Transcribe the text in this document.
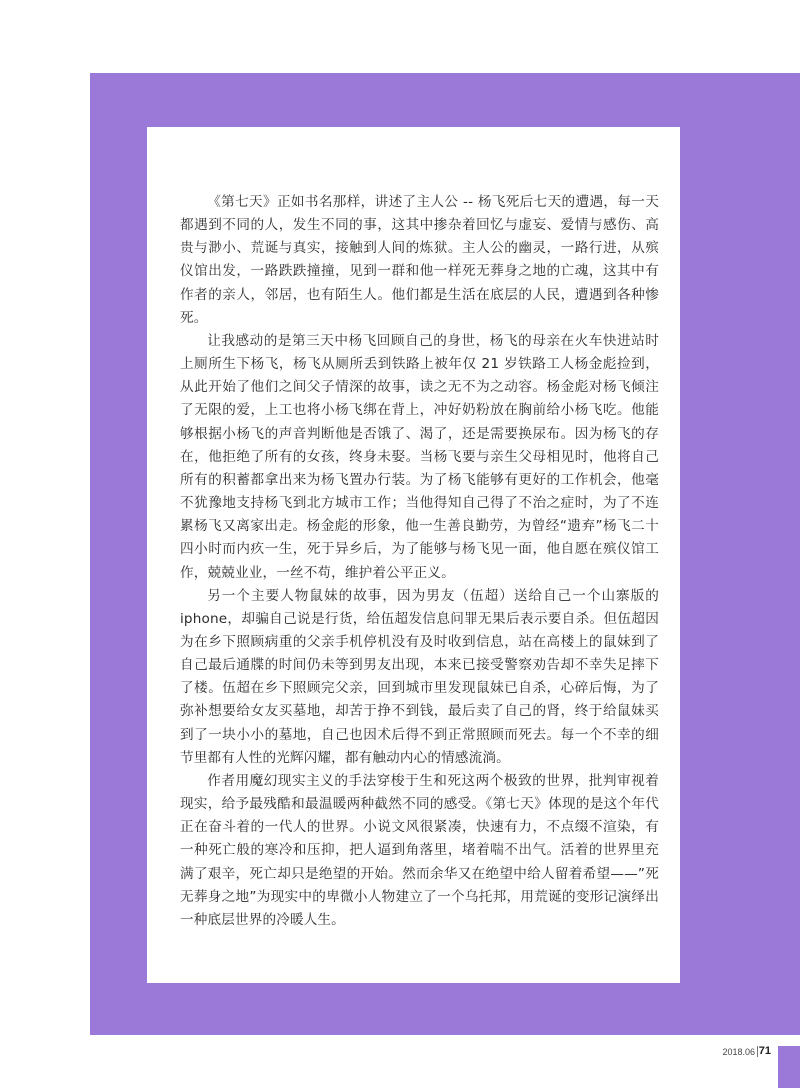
《第七天》正如书名那样，讲述了主人公 -- 杨飞死后七天的遭遇，每一天都遇到不同的人，发生不同的事，这其中掺杂着回忆与虚妄、爱情与感伤、高贵与渺小、荒诞与真实，接触到人间的炼狱。主人公的幽灵，一路行进，从殡仪馆出发，一路跌跌撞撞，见到一群和他一样死无葬身之地的亡魂，这其中有作者的亲人，邻居，也有陌生人。他们都是生活在底层的人民，遭遇到各种惨死。

让我感动的是第三天中杨飞回顾自己的身世，杨飞的母亲在火车快进站时上厕所生下杨飞，杨飞从厕所丢到铁路上被年仅 21 岁铁路工人杨金彪捡到，从此开始了他们之间父子情深的故事，读之无不为之动容。杨金彪对杨飞倾注了无限的爱，上工也将小杨飞绑在背上，冲好奶粉放在胸前给小杨飞吃。他能够根据小杨飞的声音判断他是否饿了、渴了，还是需要换尿布。因为杨飞的存在，他拒绝了所有的女孩，终身未娶。当杨飞要与亲生父母相见时，他将自己所有的积蓄都拿出来为杨飞置办行装。为了杨飞能够有更好的工作机会，他毫不犹豫地支持杨飞到北方城市工作；当他得知自己得了不治之症时，为了不连累杨飞又离家出走。杨金彪的形象，他一生善良勤劳，为曾经“遗弃”杨飞二十四小时而内疚一生，死于异乡后，为了能够与杨飞见一面，他自愿在殡仪馆工作，兢兢业业，一丝不苟，维护着公平正义。

另一个主要人物鼠妹的故事，因为男友（伍超）送给自己一个山寨版的 iphone，却骗自己说是行货，给伍超发信息问罪无果后表示要自杀。但伍超因为在乡下照顾病重的父亲手机停机没有及时收到信息，站在高楼上的鼠妹到了自己最后通牒的时间仍未等到男友出现，本来已接受警察劝告却不幸失足摔下了楼。伍超在乡下照顾完父亲，回到城市里发现鼠妹已自杀，心碎后悔，为了弥补想要给女友买墓地，却苦于挣不到钱，最后卖了自己的肾，终于给鼠妹买到了一块小小的墓地，自己也因术后得不到正常照顾而死去。每一个不幸的细节里都有人性的光辉闪耀，都有触动内心的情感流淌。

作者用魔幻现实主义的手法穿梭于生和死这两个极致的世界，批判审视着现实，给予最残酷和最温暖两种截然不同的感受。《第七天》体现的是这个年代正在奋斗着的一代人的世界。小说文风很紧凑，快速有力，不点缀不渲染，有一种死亡般的寒冷和压抑，把人逼到角落里，堵着喘不出气。活着的世界里充满了艰辛，死亡却只是绝望的开始。然而余华又在绝望中给人留着希望——”死无葬身之地”为现实中的卑微小人物建立了一个乌托邦，用荒诞的变形记演绎出一种底层世界的冷暖人生。

2018.06 71
